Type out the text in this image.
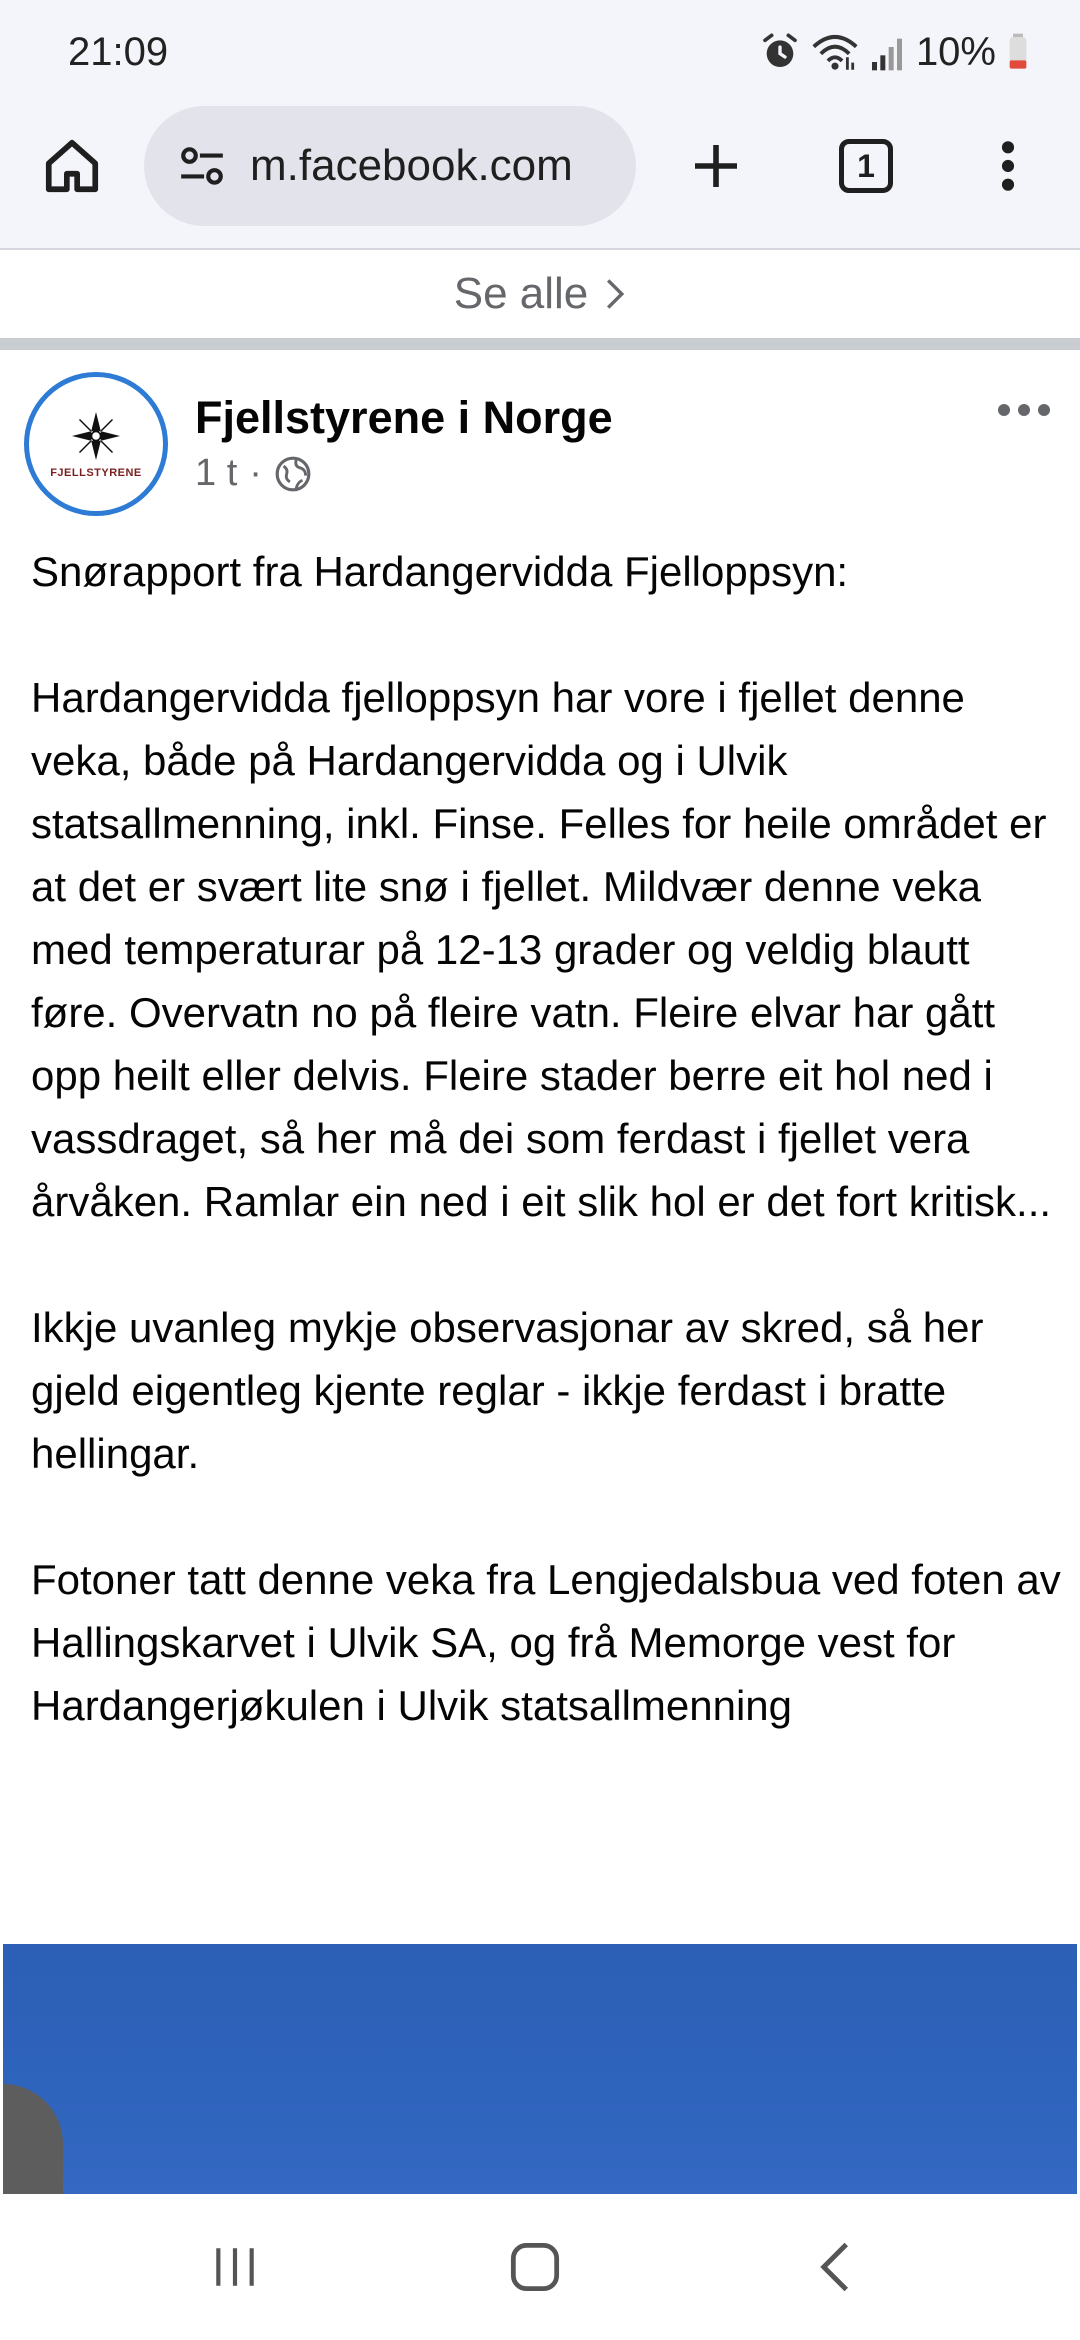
21:09	10%
m.facebook.com	1
Se alle
FJELLSTYRENE
Fjellstyrene i Norge
1 t ·

Snørapport fra Hardangervidda Fjelloppsyn:

Hardangervidda fjelloppsyn har vore i fjellet denne veka, både på Hardangervidda og i Ulvik statsallmenning, inkl. Finse. Felles for heile området er at det er svært lite snø i fjellet. Mildvær denne veka med temperaturar på 12-13 grader og veldig blautt føre. Overvatn no på fleire vatn. Fleire elvar har gått opp heilt eller delvis. Fleire stader berre eit hol ned i vassdraget, så her må dei som ferdast i fjellet vera årvåken. Ramlar ein ned i eit slik hol er det fort kritisk...

Ikkje uvanleg mykje observasjonar av skred, så her gjeld eigentleg kjente reglar - ikkje ferdast i bratte hellingar.

Fotoner tatt denne veka fra Lengjedalsbua ved foten av Hallingskarvet i Ulvik SA, og frå Memorge vest for Hardangerjøkulen i Ulvik statsallmenning
